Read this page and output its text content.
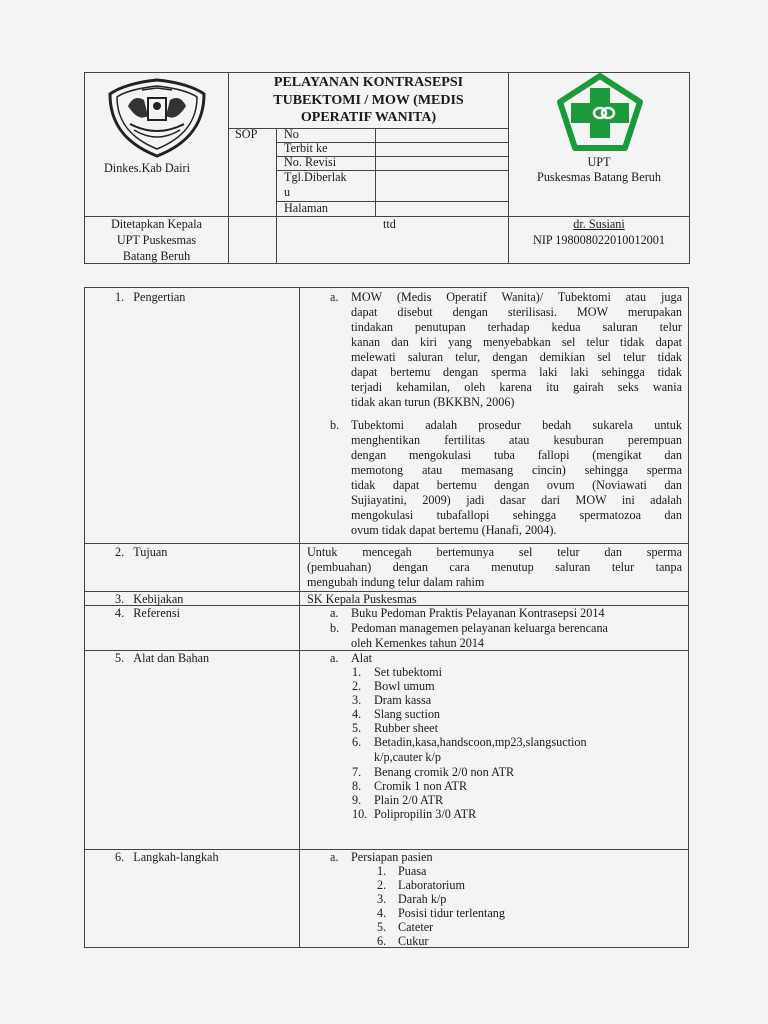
Dinkes.Kab Dairi
PELAYANAN KONTRASEPSI
TUBEKTOMI / MOW (MEDIS
OPERATIF WANITA)
SOP No
Terbit ke
No. Revisi
Tgl.Diberlak
u
Halaman
UPT
Puskesmas Batang Beruh
Ditetapkan Kepala
UPT Puskesmas
Batang Beruh
ttd	dr. Susiani
NIP 198008022010012001
1.   Pengertian	a. MOW (Medis Operatif Wanita)/ Tubektomi atau juga
dapat disebut dengan sterilisasi. MOW merupakan
tindakan penutupan terhadap kedua saluran telur
kanan dan kiri yang menyebabkan sel telur tidak dapat
melewati saluran telur, dengan demikian sel telur tidak
dapat bertemu dengan sperma laki laki sehingga tidak
terjadi kehamilan, oleh karena itu gairah seks wania
tidak akan turun (BKKBN, 2006)
b. Tubektomi adalah prosedur bedah sukarela untuk
menghentikan fertilitas atau kesuburan perempuan
dengan mengokulasi tuba fallopi (mengikat dan
memotong atau memasang cincin) sehingga sperma
tidak dapat bertemu dengan ovum (Noviawati dan
Sujiayatini, 2009) jadi dasar dari MOW ini adalah
mengokulasi tubafallopi sehingga spermatozoa dan
ovum tidak dapat bertemu (Hanafi, 2004).
2.   Tujuan	Untuk mencegah bertemunya sel telur dan sperma
(pembuahan) dengan cara menutup saluran telur tanpa
mengubah indung telur dalam rahim
3.   Kebijakan	SK Kepala Puskesmas
4.   Referensi	a. Buku Pedoman Praktis Pelayanan Kontrasepsi 2014
b. Pedoman managemen pelayanan keluarga berencana
oleh Kemenkes tahun 2014
5.   Alat dan Bahan	a. Alat
1. Set tubektomi
2. Bowl umum
3. Dram kassa
4. Slang suction
5. Rubber sheet
6. Betadin,kasa,handscoon,mp23,slangsuction
k/p,cauter k/p
7. Benang cromik 2/0 non ATR
8. Cromik 1 non ATR
9. Plain 2/0 ATR
10. Polipropilin 3/0 ATR
6.   Langkah-langkah	a. Persiapan pasien
1. Puasa
2. Laboratorium
3. Darah k/p
4. Posisi tidur terlentang
5. Cateter
6. Cukur
